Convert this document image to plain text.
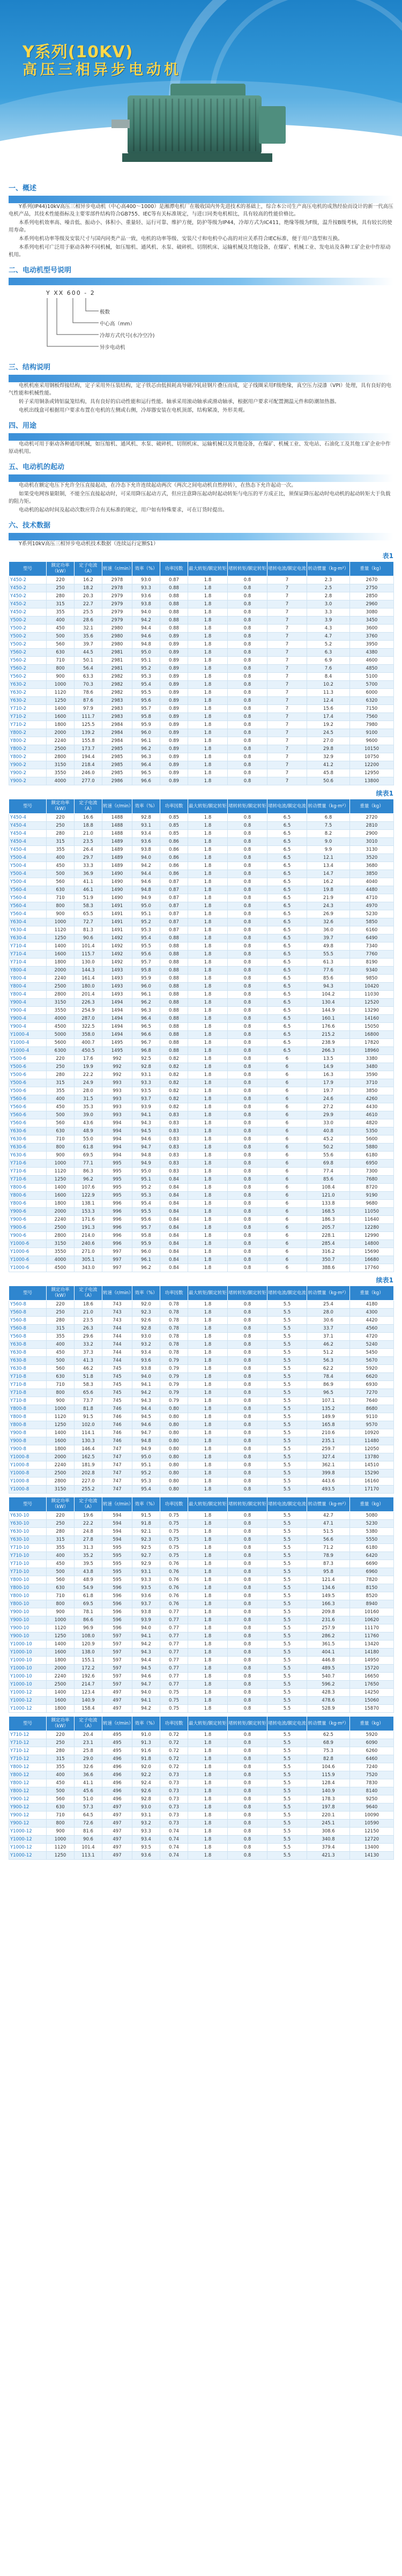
Y系列(10KV)
高压三相异步电动机
一、概述

Y系列(IP44)10kV高压三相异步电动机（中心高400～1000）是湘潭电机厂在吸收国内外先进技术的基础上，综合本公司生产高压电机的成熟经验而设计的新一代高压电机产品，其技术性能指标及主要零部件结构符合GB755、IEC等有关标准规定，与进口同类电机相比，具有较高的性能价格比。

本系列电机效率高、噪音低、振动小、体积小、重量轻、运行可靠、维护方便，防护等级为IP44，冷却方式为IC411，绝缘等级为F级，温升按B级考核，具有较长的使用寿命。

本系列电机功率等级及安装尺寸与国内同类产品一致，电机的功率等级、安装尺寸和电机中心高的对应关系符合IEC标准，便于用户选型和互换。

本系列电机可广泛用于驱动各种不同机械，如压缩机、通风机、水泵、破碎机、切削机床、运输机械及其他设备，在煤矿、机械工业、发电站及各种工矿企业中作原动机用。

二、电动机型号说明
Y XX 600 - 2
极数
中心高（mm）
冷却方式代号(水冷空冷)
异步电动机
三、结构说明

电机机座采用钢板焊接结构，定子采用外压装结构，定子铁芯由低损耗高导磁冷轧硅钢片叠压而成，定子线圈采用F级绝缘，真空压力浸漆（VPI）处理，具有良好的电气性能和机械性能。

转子采用铜条或铸铝鼠笼结构，具有良好的启动性能和运行性能。轴承采用滚动轴承或滑动轴承，根据用户要求可配置测温元件和防潮加热器。

电机出线盒可根据用户要求布置在电机的左侧或右侧，冷却器安装在电机顶部，结构紧凑，外形美观。

四、用途

电动机可用于驱动各种通用机械，如压缩机、通风机、水泵、破碎机、切削机床、运输机械以及其他设备，在煤矿、机械工业、发电站、石油化工及其他工矿企业中作原动机用。

五、电动机的起动

电动机在额定电压下允许全压直接起动，在冷态下允许连续起动两次（两次之间电动机自然停转），在热态下允许起动一次。

如果受电网容量限制，不能全压直接起动时，可采用降压起动方式，但应注意降压起动时起动转矩与电压的平方成正比，须保证降压起动时电动机的起动转矩大于负载的阻力矩。

电动机的起动时间及起动次数应符合有关标准的规定，用户如有特殊要求，可在订货时提出。

六、技术数据

Y系列10kV高压三相异步电动机技术数据（连续运行定额S1）

表1
型号	额定功率（kW）	定子电流（A）	转速（r/min）	效率（%）	功率因数	最大转矩/额定转矩	堵转转矩/额定转矩	堵转电流/额定电流	转动惯量（kg·m²）	重量（kg）
Y450-2	220	16.2	2978	93.0	0.87	1.8	0.8	7	2.3	2670
Y450-2	250	18.2	2978	93.3	0.88	1.8	0.8	7	2.5	2750
Y450-2	280	20.3	2979	93.6	0.88	1.8	0.8	7	2.8	2850
Y450-2	315	22.7	2979	93.8	0.88	1.8	0.8	7	3.0	2960
Y450-2	355	25.5	2979	94.0	0.88	1.8	0.8	7	3.3	3080
Y500-2	400	28.6	2979	94.2	0.88	1.8	0.8	7	3.9	3450
Y500-2	450	32.1	2980	94.4	0.88	1.8	0.8	7	4.3	3600
Y500-2	500	35.6	2980	94.6	0.89	1.8	0.8	7	4.7	3760
Y500-2	560	39.7	2980	94.8	0.89	1.8	0.8	7	5.2	3950
Y560-2	630	44.5	2981	95.0	0.89	1.8	0.8	7	6.3	4380
Y560-2	710	50.1	2981	95.1	0.89	1.8	0.8	7	6.9	4600
Y560-2	800	56.4	2981	95.2	0.89	1.8	0.8	7	7.6	4850
Y560-2	900	63.3	2982	95.3	0.89	1.8	0.8	7	8.4	5100
Y630-2	1000	70.3	2982	95.4	0.89	1.8	0.8	7	10.2	5700
Y630-2	1120	78.6	2982	95.5	0.89	1.8	0.8	7	11.3	6000
Y630-2	1250	87.6	2983	95.6	0.89	1.8	0.8	7	12.4	6320
Y710-2	1400	97.9	2983	95.7	0.89	1.8	0.8	7	15.6	7150
Y710-2	1600	111.7	2983	95.8	0.89	1.8	0.8	7	17.4	7560
Y710-2	1800	125.5	2984	95.9	0.89	1.8	0.8	7	19.2	7980
Y800-2	2000	139.2	2984	96.0	0.89	1.8	0.8	7	24.5	9100
Y800-2	2240	155.8	2984	96.1	0.89	1.8	0.8	7	27.0	9600
Y800-2	2500	173.7	2985	96.2	0.89	1.8	0.8	7	29.8	10150
Y800-2	2800	194.4	2985	96.3	0.89	1.8	0.8	7	32.9	10750
Y900-2	3150	218.4	2985	96.4	0.89	1.8	0.8	7	41.2	12200
Y900-2	3550	246.0	2985	96.5	0.89	1.8	0.8	7	45.8	12950
Y900-2	4000	277.0	2986	96.6	0.89	1.8	0.8	7	50.6	13800
续表1
型号	额定功率（kW）	定子电流（A）	转速（r/min）	效率（%）	功率因数	最大转矩/额定转矩	堵转转矩/额定转矩	堵转电流/额定电流	转动惯量（kg·m²）	重量（kg）
Y450-4	220	16.6	1488	92.8	0.85	1.8	0.8	6.5	6.8	2720
Y450-4	250	18.8	1488	93.1	0.85	1.8	0.8	6.5	7.5	2810
Y450-4	280	21.0	1488	93.4	0.85	1.8	0.8	6.5	8.2	2900
Y450-4	315	23.5	1489	93.6	0.86	1.8	0.8	6.5	9.0	3010
Y450-4	355	26.4	1489	93.8	0.86	1.8	0.8	6.5	9.9	3130
Y500-4	400	29.7	1489	94.0	0.86	1.8	0.8	6.5	12.1	3520
Y500-4	450	33.3	1489	94.2	0.86	1.8	0.8	6.5	13.4	3680
Y500-4	500	36.9	1490	94.4	0.86	1.8	0.8	6.5	14.7	3850
Y500-4	560	41.1	1490	94.6	0.87	1.8	0.8	6.5	16.2	4040
Y560-4	630	46.1	1490	94.8	0.87	1.8	0.8	6.5	19.8	4480
Y560-4	710	51.9	1490	94.9	0.87	1.8	0.8	6.5	21.9	4710
Y560-4	800	58.3	1491	95.0	0.87	1.8	0.8	6.5	24.3	4970
Y560-4	900	65.5	1491	95.1	0.87	1.8	0.8	6.5	26.9	5230
Y630-4	1000	72.7	1491	95.2	0.87	1.8	0.8	6.5	32.6	5850
Y630-4	1120	81.3	1491	95.3	0.87	1.8	0.8	6.5	36.0	6160
Y630-4	1250	90.6	1492	95.4	0.88	1.8	0.8	6.5	39.7	6490
Y710-4	1400	101.4	1492	95.5	0.88	1.8	0.8	6.5	49.8	7340
Y710-4	1600	115.7	1492	95.6	0.88	1.8	0.8	6.5	55.5	7760
Y710-4	1800	130.0	1492	95.7	0.88	1.8	0.8	6.5	61.3	8190
Y800-4	2000	144.3	1493	95.8	0.88	1.8	0.8	6.5	77.6	9340
Y800-4	2240	161.4	1493	95.9	0.88	1.8	0.8	6.5	85.6	9850
Y800-4	2500	180.0	1493	96.0	0.88	1.8	0.8	6.5	94.3	10420
Y800-4	2800	201.4	1493	96.1	0.88	1.8	0.8	6.5	104.2	11030
Y900-4	3150	226.3	1494	96.2	0.88	1.8	0.8	6.5	130.4	12520
Y900-4	3550	254.9	1494	96.3	0.88	1.8	0.8	6.5	144.9	13290
Y900-4	4000	287.0	1494	96.4	0.88	1.8	0.8	6.5	160.1	14160
Y900-4	4500	322.5	1494	96.5	0.88	1.8	0.8	6.5	176.6	15050
Y1000-4	5000	358.0	1494	96.6	0.88	1.8	0.8	6.5	215.2	16800
Y1000-4	5600	400.7	1495	96.7	0.88	1.8	0.8	6.5	238.9	17820
Y1000-4	6300	450.5	1495	96.8	0.88	1.8	0.8	6.5	266.3	18960
Y500-6	220	17.6	992	92.5	0.82	1.8	0.8	6	13.5	3380
Y500-6	250	19.9	992	92.8	0.82	1.8	0.8	6	14.9	3480
Y500-6	280	22.2	992	93.1	0.82	1.8	0.8	6	16.3	3590
Y500-6	315	24.9	993	93.3	0.82	1.8	0.8	6	17.9	3710
Y500-6	355	28.0	993	93.5	0.82	1.8	0.8	6	19.7	3850
Y560-6	400	31.5	993	93.7	0.82	1.8	0.8	6	24.6	4260
Y560-6	450	35.3	993	93.9	0.82	1.8	0.8	6	27.2	4430
Y560-6	500	39.0	993	94.1	0.83	1.8	0.8	6	29.9	4610
Y560-6	560	43.6	994	94.3	0.83	1.8	0.8	6	33.0	4820
Y630-6	630	48.9	994	94.5	0.83	1.8	0.8	6	40.8	5350
Y630-6	710	55.0	994	94.6	0.83	1.8	0.8	6	45.2	5600
Y630-6	800	61.8	994	94.7	0.83	1.8	0.8	6	50.2	5880
Y630-6	900	69.5	994	94.8	0.83	1.8	0.8	6	55.6	6180
Y710-6	1000	77.1	995	94.9	0.83	1.8	0.8	6	69.8	6950
Y710-6	1120	86.3	995	95.0	0.83	1.8	0.8	6	77.4	7300
Y710-6	1250	96.2	995	95.1	0.84	1.8	0.8	6	85.6	7680
Y800-6	1400	107.6	995	95.2	0.84	1.8	0.8	6	108.4	8720
Y800-6	1600	122.9	995	95.3	0.84	1.8	0.8	6	121.0	9190
Y800-6	1800	138.1	996	95.4	0.84	1.8	0.8	6	133.8	9680
Y900-6	2000	153.3	996	95.5	0.84	1.8	0.8	6	168.5	11050
Y900-6	2240	171.6	996	95.6	0.84	1.8	0.8	6	186.3	11640
Y900-6	2500	191.3	996	95.7	0.84	1.8	0.8	6	205.7	12280
Y900-6	2800	214.0	996	95.8	0.84	1.8	0.8	6	228.1	12990
Y1000-6	3150	240.6	996	95.9	0.84	1.8	0.8	6	285.4	14800
Y1000-6	3550	271.0	997	96.0	0.84	1.8	0.8	6	316.2	15690
Y1000-6	4000	305.1	997	96.1	0.84	1.8	0.8	6	350.7	16680
Y1000-6	4500	343.0	997	96.2	0.84	1.8	0.8	6	388.6	17760
续表1
型号	额定功率（kW）	定子电流（A）	转速（r/min）	效率（%）	功率因数	最大转矩/额定转矩	堵转转矩/额定转矩	堵转电流/额定电流	转动惯量（kg·m²）	重量（kg）
Y560-8	220	18.6	743	92.0	0.78	1.8	0.8	5.5	25.4	4180
Y560-8	250	21.0	743	92.3	0.78	1.8	0.8	5.5	28.0	4300
Y560-8	280	23.5	743	92.6	0.78	1.8	0.8	5.5	30.6	4420
Y560-8	315	26.3	744	92.8	0.78	1.8	0.8	5.5	33.7	4560
Y560-8	355	29.6	744	93.0	0.78	1.8	0.8	5.5	37.1	4720
Y630-8	400	33.2	744	93.2	0.78	1.8	0.8	5.5	46.2	5240
Y630-8	450	37.3	744	93.4	0.78	1.8	0.8	5.5	51.2	5450
Y630-8	500	41.3	744	93.6	0.79	1.8	0.8	5.5	56.3	5670
Y630-8	560	46.2	745	93.8	0.79	1.8	0.8	5.5	62.2	5920
Y710-8	630	51.8	745	94.0	0.79	1.8	0.8	5.5	78.4	6620
Y710-8	710	58.3	745	94.1	0.79	1.8	0.8	5.5	86.9	6930
Y710-8	800	65.6	745	94.2	0.79	1.8	0.8	5.5	96.5	7270
Y710-8	900	73.7	745	94.3	0.79	1.8	0.8	5.5	107.1	7640
Y800-8	1000	81.8	746	94.4	0.80	1.8	0.8	5.5	135.2	8680
Y800-8	1120	91.5	746	94.5	0.80	1.8	0.8	5.5	149.9	9110
Y800-8	1250	102.0	746	94.6	0.80	1.8	0.8	5.5	165.8	9570
Y900-8	1400	114.1	746	94.7	0.80	1.8	0.8	5.5	210.6	10920
Y900-8	1600	130.3	746	94.8	0.80	1.8	0.8	5.5	235.1	11480
Y900-8	1800	146.4	747	94.9	0.80	1.8	0.8	5.5	259.7	12050
Y1000-8	2000	162.5	747	95.0	0.80	1.8	0.8	5.5	327.4	13780
Y1000-8	2240	181.9	747	95.1	0.80	1.8	0.8	5.5	362.1	14510
Y1000-8	2500	202.8	747	95.2	0.80	1.8	0.8	5.5	399.8	15290
Y1000-8	2800	227.0	747	95.3	0.80	1.8	0.8	5.5	443.6	16160
Y1000-8	3150	255.2	747	95.4	0.80	1.8	0.8	5.5	493.5	17170
型号	额定功率（kW）	定子电流（A）	转速（r/min）	效率（%）	功率因数	最大转矩/额定转矩	堵转转矩/额定转矩	堵转电流/额定电流	转动惯量（kg·m²）	重量（kg）
Y630-10	220	19.6	594	91.5	0.75	1.8	0.8	5.5	42.7	5080
Y630-10	250	22.2	594	91.8	0.75	1.8	0.8	5.5	47.1	5230
Y630-10	280	24.8	594	92.1	0.75	1.8	0.8	5.5	51.5	5380
Y630-10	315	27.8	594	92.3	0.75	1.8	0.8	5.5	56.6	5550
Y710-10	355	31.3	595	92.5	0.75	1.8	0.8	5.5	71.2	6180
Y710-10	400	35.2	595	92.7	0.75	1.8	0.8	5.5	78.9	6420
Y710-10	450	39.5	595	92.9	0.76	1.8	0.8	5.5	87.3	6690
Y710-10	500	43.8	595	93.1	0.76	1.8	0.8	5.5	95.8	6960
Y800-10	560	48.9	595	93.3	0.76	1.8	0.8	5.5	121.4	7820
Y800-10	630	54.9	596	93.5	0.76	1.8	0.8	5.5	134.6	8150
Y800-10	710	61.8	596	93.6	0.76	1.8	0.8	5.5	149.5	8520
Y800-10	800	69.5	596	93.7	0.76	1.8	0.8	5.5	166.3	8940
Y900-10	900	78.1	596	93.8	0.77	1.8	0.8	5.5	209.8	10160
Y900-10	1000	86.6	596	93.9	0.77	1.8	0.8	5.5	231.6	10620
Y900-10	1120	96.9	596	94.0	0.77	1.8	0.8	5.5	257.9	11170
Y900-10	1250	108.0	597	94.1	0.77	1.8	0.8	5.5	286.2	11760
Y1000-10	1400	120.9	597	94.2	0.77	1.8	0.8	5.5	361.5	13420
Y1000-10	1600	138.0	597	94.3	0.77	1.8	0.8	5.5	404.1	14180
Y1000-10	1800	155.1	597	94.4	0.77	1.8	0.8	5.5	446.8	14950
Y1000-10	2000	172.2	597	94.5	0.77	1.8	0.8	5.5	489.5	15720
Y1000-10	2240	192.6	597	94.6	0.77	1.8	0.8	5.5	540.7	16650
Y1000-10	2500	214.7	597	94.7	0.77	1.8	0.8	5.5	596.2	17650
Y1000-12	1400	123.4	497	94.0	0.75	1.8	0.8	5.5	428.3	14250
Y1000-12	1600	140.9	497	94.1	0.75	1.8	0.8	5.5	478.6	15060
Y1000-12	1800	158.4	497	94.2	0.75	1.8	0.8	5.5	528.9	15870
型号	额定功率（kW）	定子电流（A）	转速（r/min）	效率（%）	功率因数	最大转矩/额定转矩	堵转转矩/额定转矩	堵转电流/额定电流	转动惯量（kg·m²）	重量（kg）
Y710-12	220	20.4	495	91.0	0.72	1.8	0.8	5.5	62.5	5920
Y710-12	250	23.1	495	91.3	0.72	1.8	0.8	5.5	68.9	6090
Y710-12	280	25.8	495	91.6	0.72	1.8	0.8	5.5	75.3	6260
Y710-12	315	29.0	496	91.8	0.72	1.8	0.8	5.5	82.8	6460
Y800-12	355	32.6	496	92.0	0.72	1.8	0.8	5.5	104.6	7240
Y800-12	400	36.6	496	92.2	0.73	1.8	0.8	5.5	115.9	7520
Y800-12	450	41.1	496	92.4	0.73	1.8	0.8	5.5	128.4	7830
Y800-12	500	45.6	496	92.6	0.73	1.8	0.8	5.5	140.9	8140
Y900-12	560	51.0	496	92.8	0.73	1.8	0.8	5.5	178.3	9250
Y900-12	630	57.3	497	93.0	0.73	1.8	0.8	5.5	197.8	9640
Y900-12	710	64.5	497	93.1	0.73	1.8	0.8	5.5	220.1	10090
Y900-12	800	72.6	497	93.2	0.73	1.8	0.8	5.5	245.1	10590
Y1000-12	900	81.6	497	93.3	0.74	1.8	0.8	5.5	308.6	12150
Y1000-12	1000	90.6	497	93.4	0.74	1.8	0.8	5.5	340.8	12720
Y1000-12	1120	101.4	497	93.5	0.74	1.8	0.8	5.5	379.4	13400
Y1000-12	1250	113.1	497	93.6	0.74	1.8	0.8	5.5	421.3	14130
